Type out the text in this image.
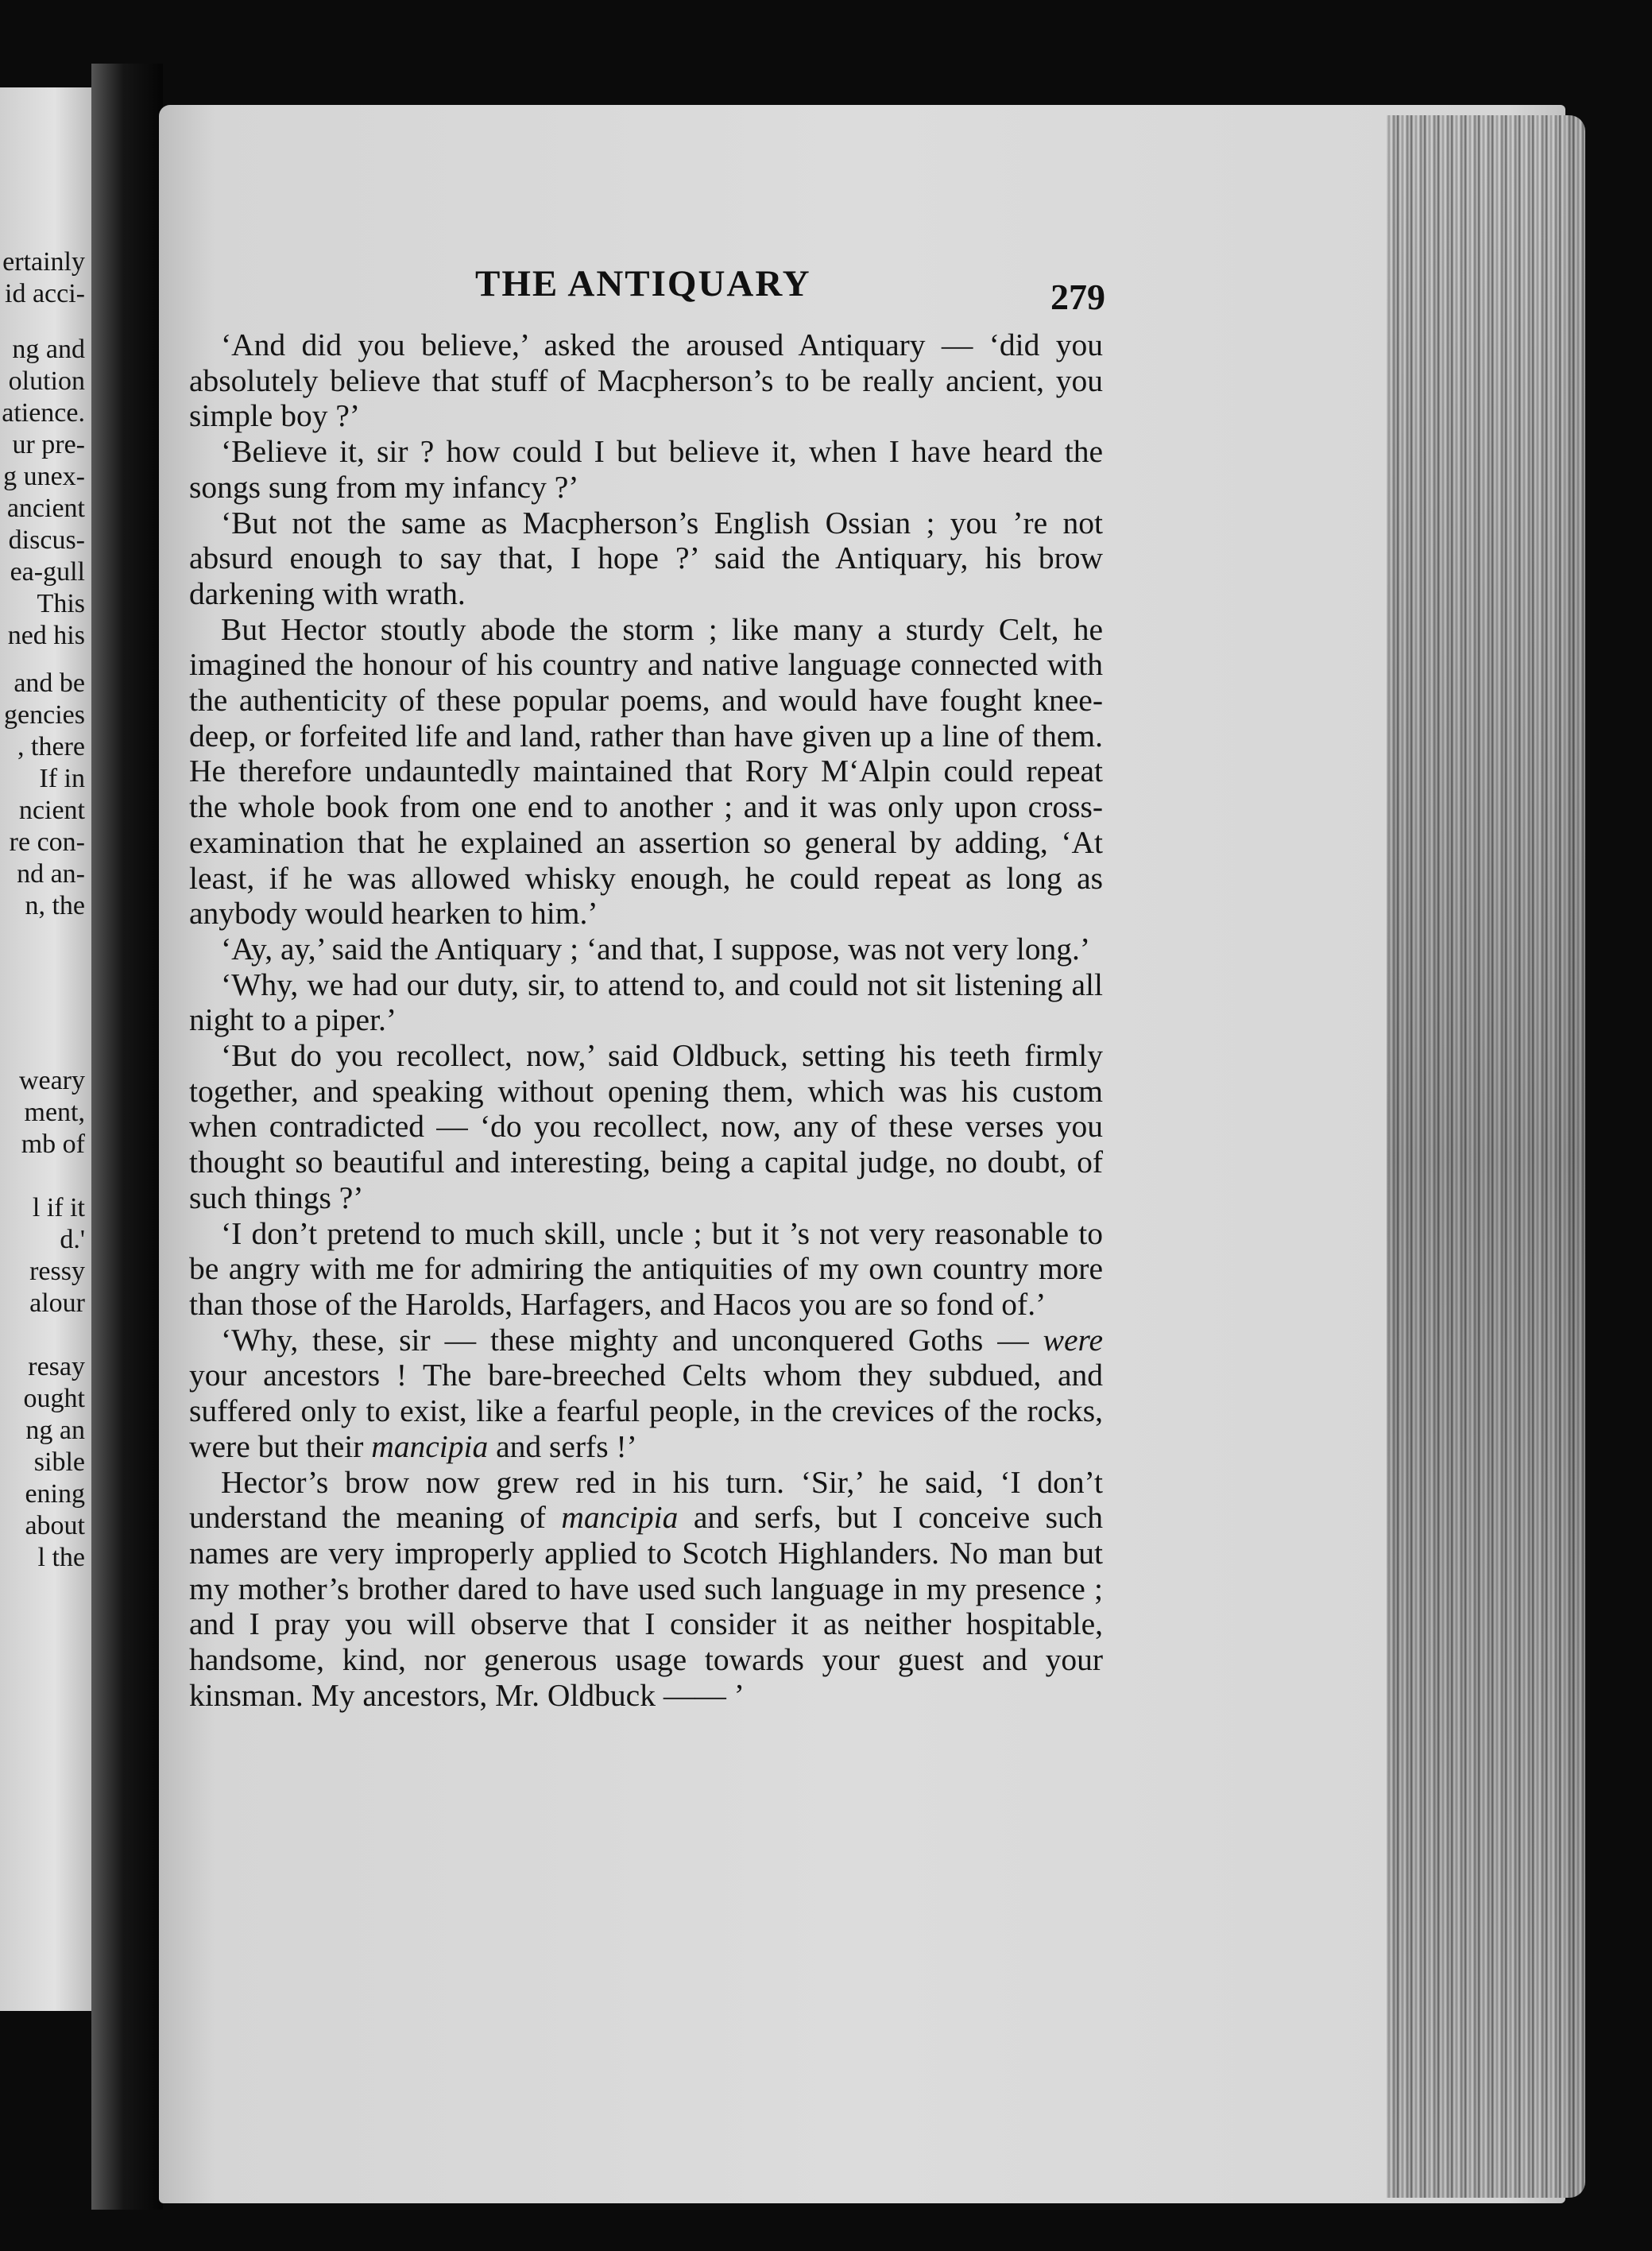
ertainly
id acci-
ng and
olution
atience.
ur pre-
g unex-
ancient
discus-
ea-gull
This
ned his
and be
gencies
, there
If in
ncient
re con-
nd an-
n, the
weary
ment,
mb of
l if it
d.'
ressy
alour
resay
ought
ng an
sible
ening
about
l the
THE ANTIQUARY	279

‘And did you believe,’ asked the aroused Antiquary — ‘did you absolutely believe that stuff of Macpherson’s to be really ancient, you simple boy ?’

‘Believe it, sir ? how could I but believe it, when I have heard the songs sung from my infancy ?’

‘But not the same as Macpherson’s English Ossian ; you ’re not absurd enough to say that, I hope ?’ said the Antiquary, his brow darkening with wrath.

But Hector stoutly abode the storm ; like many a sturdy Celt, he imagined the honour of his country and native language connected with the authenticity of these popular poems, and would have fought knee-deep, or forfeited life and land, rather than have given up a line of them. He therefore undauntedly maintained that Rory M‘Alpin could repeat the whole book from one end to another ; and it was only upon cross-examination that he explained an assertion so general by adding, ‘At least, if he was allowed whisky enough, he could repeat as long as anybody would hearken to him.’

‘Ay, ay,’ said the Antiquary ; ‘and that, I suppose, was not very long.’

‘Why, we had our duty, sir, to attend to, and could not sit listening all night to a piper.’

‘But do you recollect, now,’ said Oldbuck, setting his teeth firmly together, and speaking without opening them, which was his custom when contradicted — ‘do you recollect, now, any of these verses you thought so beautiful and interesting, being a capital judge, no doubt, of such things ?’

‘I don’t pretend to much skill, uncle ; but it ’s not very reasonable to be angry with me for admiring the antiquities of my own country more than those of the Harolds, Harfagers, and Hacos you are so fond of.’

‘Why, these, sir — these mighty and unconquered Goths — were your ancestors ! The bare-breeched Celts whom they subdued, and suffered only to exist, like a fearful people, in the crevices of the rocks, were but their mancipia and serfs !’

Hector’s brow now grew red in his turn. ‘Sir,’ he said, ‘I don’t understand the meaning of mancipia and serfs, but I conceive such names are very improperly applied to Scotch Highlanders. No man but my mother’s brother dared to have used such language in my presence ; and I pray you will observe that I consider it as neither hospitable, handsome, kind, nor generous usage towards your guest and your kinsman. My ancestors, Mr. Oldbuck —— ’
